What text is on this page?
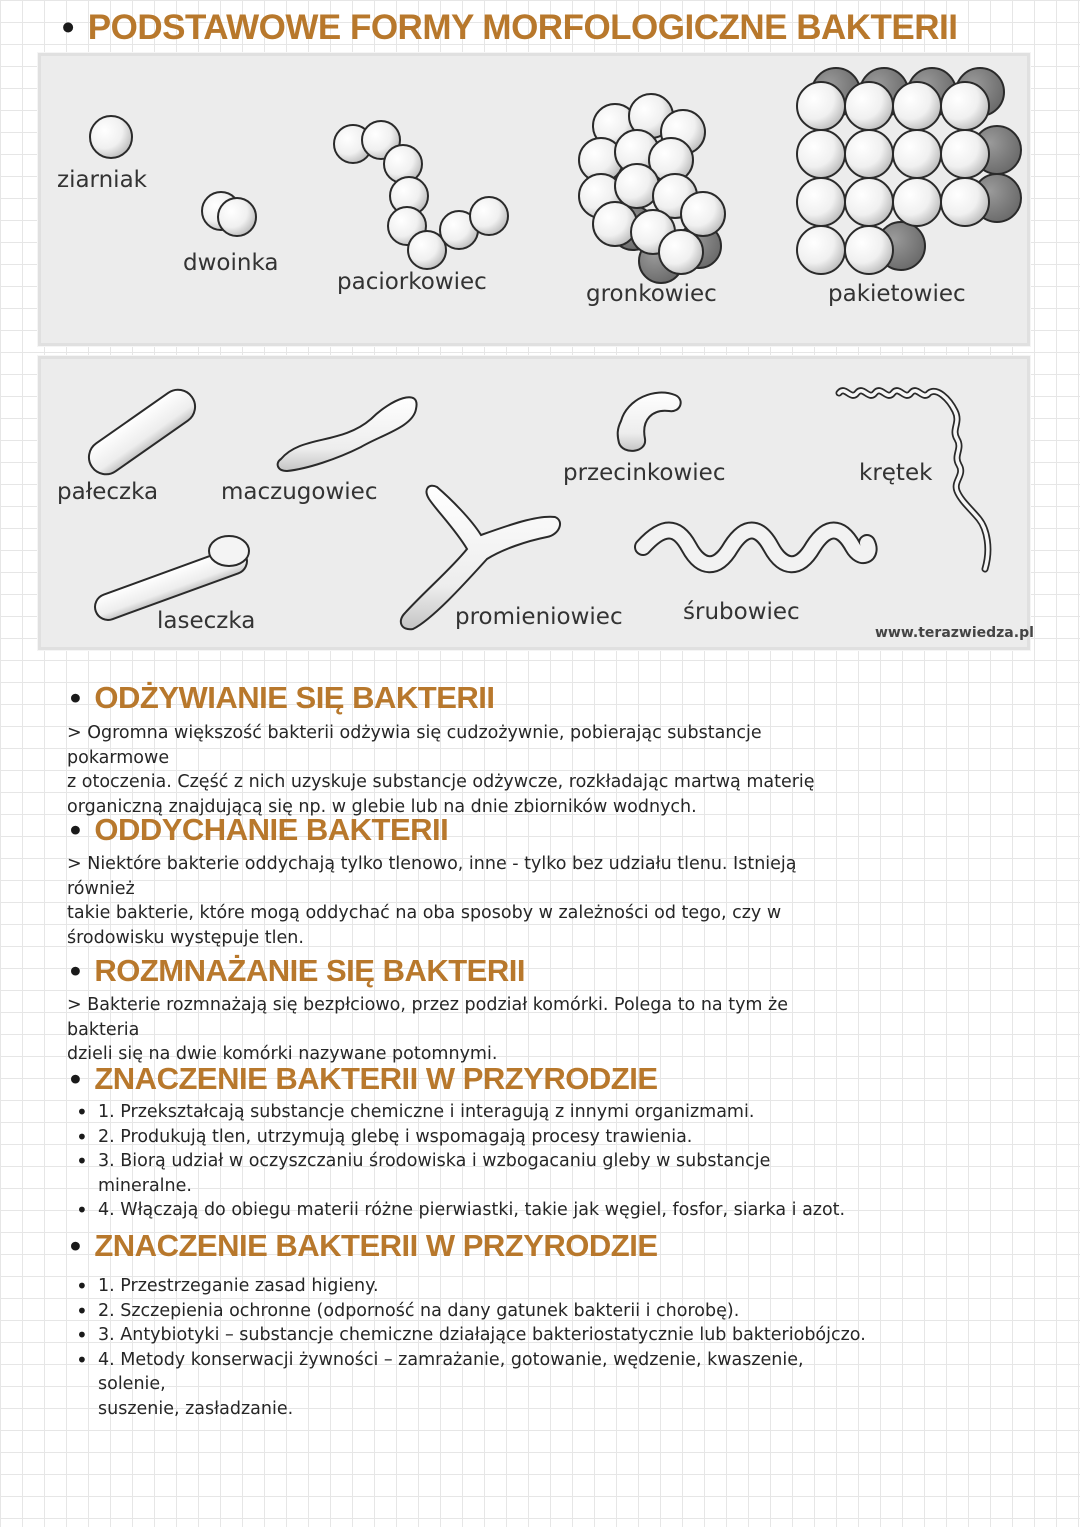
• PODSTAWOWE FORMY MORFOLOGICZNE BAKTERII
ziarniak
dwoinka
paciorkowiec	gronkowiec	pakietowiec
pałeczka	maczugowiec
przecinkowiec	krętek
laseczka	promieniowiec	śrubowiec
www.terazwiedza.pl
• ODŻYWIANIE SIĘ BAKTERII
> Ogromna większość bakterii odżywia się cudzożywnie, pobierając substancje pokarmowe
z otoczenia. Część z nich uzyskuje substancje odżywcze, rozkładając martwą materię
organiczną znajdującą się np. w glebie lub na dnie zbiorników wodnych.
• ODDYCHANIE BAKTERII
> Niektóre bakterie oddychają tylko tlenowo, inne - tylko bez udziału tlenu. Istnieją również
takie bakterie, które mogą oddychać na oba sposoby w zależności od tego, czy w
środowisku występuje tlen.
• ROZMNAŻANIE SIĘ BAKTERII
> Bakterie rozmnażają się bezpłciowo, przez podział komórki. Polega to na tym że bakteria
dzieli się na dwie komórki nazywane potomnymi.
• ZNACZENIE BAKTERII W PRZYRODZIE
• 1. Przekształcają substancje chemiczne i interagują z innymi organizmami.
• 2. Produkują tlen, utrzymują glebę i wspomagają procesy trawienia.
• 3. Biorą udział w oczyszczaniu środowiska i wzbogacaniu gleby w substancje mineralne.
• 4. Włączają do obiegu materii różne pierwiastki, takie jak węgiel, fosfor, siarka i azot.
• ZNACZENIE BAKTERII W PRZYRODZIE
• 1. Przestrzeganie zasad higieny.
• 2. Szczepienia ochronne (odporność na dany gatunek bakterii i chorobę).
• 3. Antybiotyki – substancje chemiczne działające bakteriostatycznie lub bakteriobójczo.
• 4. Metody konserwacji żywności – zamrażanie, gotowanie, wędzenie, kwaszenie, solenie,
suszenie, zasładzanie.
